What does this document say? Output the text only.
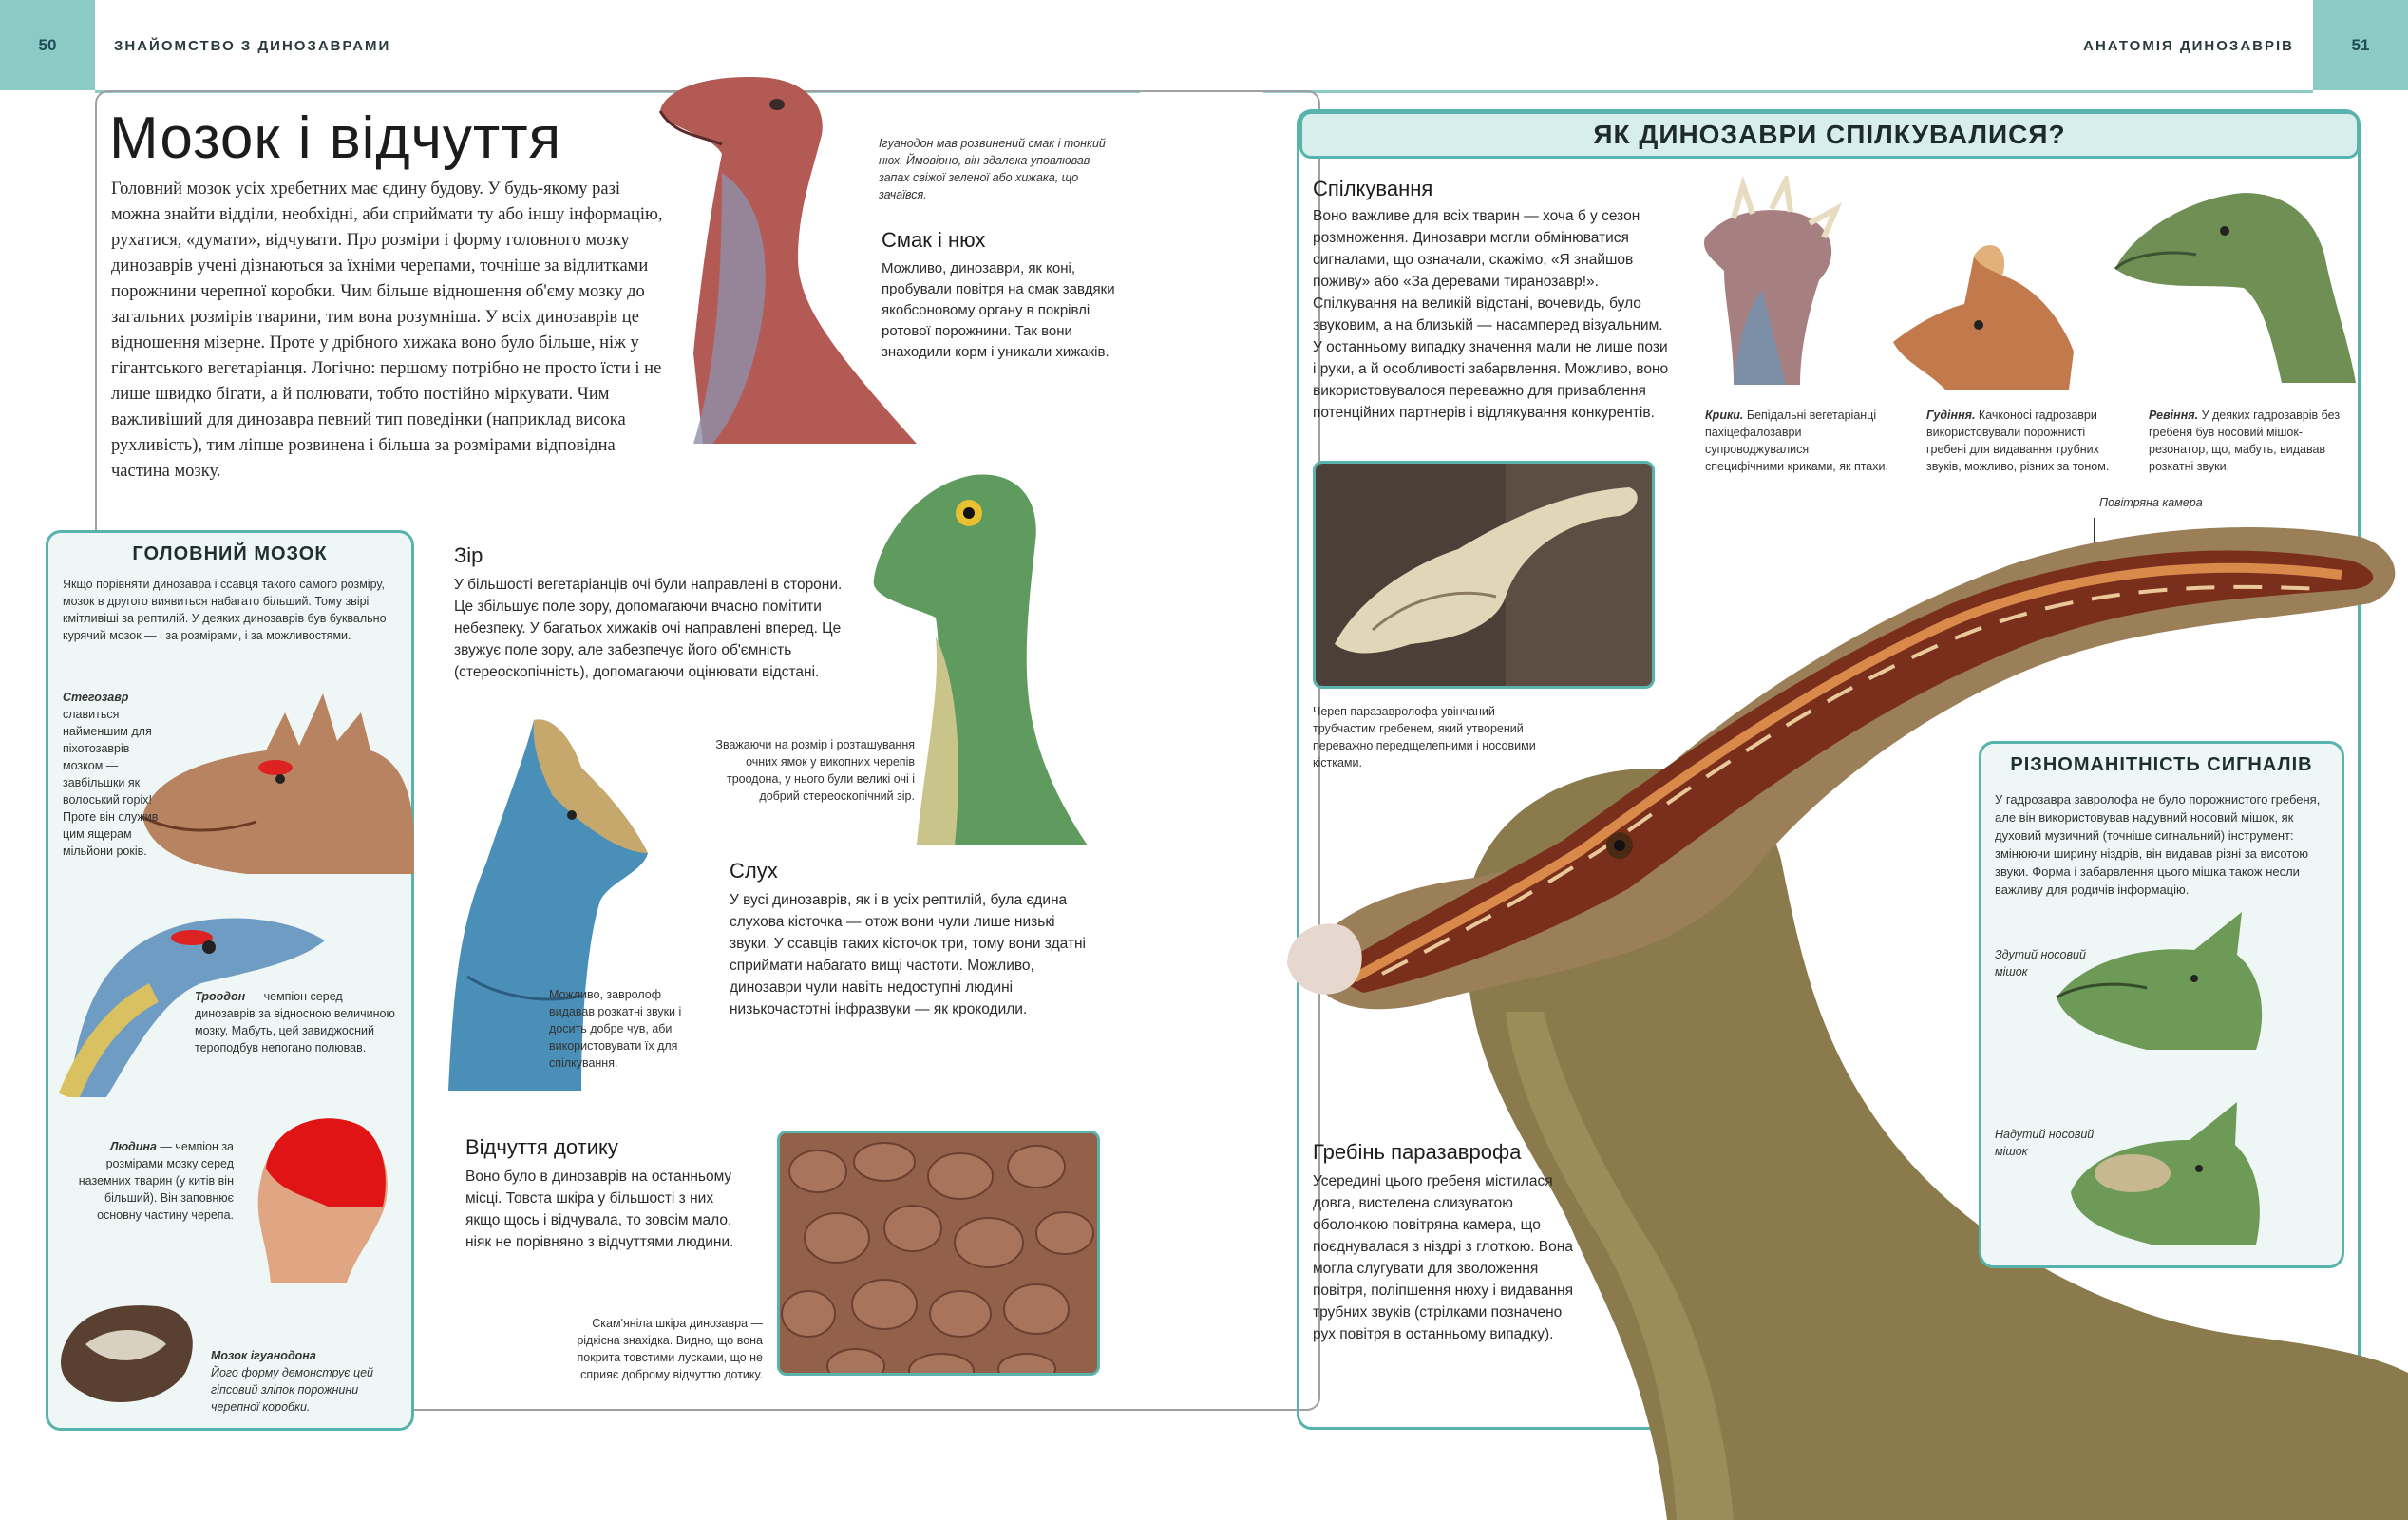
50	ЗНАЙОМСТВО З ДИНОЗАВРАМИ	АНАТОМІЯ ДИНОЗАВРІВ	51
Мозок і відчуття
Головний мозок усіх хребетних має єдину будову. У будь-якому разі можна знайти відділи, необхідні, аби сприймати ту або іншу інформацію, рухатися, «думати», відчувати. Про розміри і форму головного мозку динозаврів учені дізнаються за їхніми черепами, точніше за відлитками порожнини черепної коробки. Чим більше відношення об'єму мозку до загальних розмірів тварини, тим вона розумніша. У всіх динозаврів це відношення мізерне. Проте у дрібного хижака воно було більше, ніж у гігантського вегетаріанця. Логічно: першому потрібно не просто їсти і не лише швидко бігати, а й полювати, тобто постійно міркувати. Чим важливіший для динозавра певний тип поведінки (наприклад висока рухливість), тим ліпше розвинена і більша за розмірами відповідна частина мозку.
Ігуанодон мав розвинений смак і тонкий нюх. Ймовірно, він здалека уповлював запах свіжої зеленої або хижака, що зачаївся.
Смак і нюх
Можливо, динозаври, як коні, пробували повітря на смак завдяки якобсоновому органу в покрівлі ротової порожнини. Так вони знаходили корм і уникали хижаків.
ГОЛОВНИЙ МОЗОК
Якщо порівняти динозавра і ссавця такого самого розміру, мозок в другого виявиться набагато більший. Тому звірі кмітливіші за рептилій. У деяких динозаврів був буквально курячий мозок — і за розмірами, і за можливостями.
Стегозавр славиться найменшим для піхотозаврів мозком — завбільшки як волоський горіх! Проте він служив цим ящерам мільйони років.
Троодон — чемпіон серед динозаврів за відносною величиною мозку. Мабуть, цей завиджосний тероподбув непогано полював.
Людина — чемпіон за розмірами мозку серед наземних тварин (у китів він більший). Він заповнює основну частину черепа.
Мозок ігуанодона
Його форму демонструє цей гіпсовий зліпок порожнини черепної коробки.
Зір
У більшості вегетаріанців очі були направлені в сторони. Це збільшує поле зору, допомагаючи вчасно помітити небезпеку. У багатьох хижаків очі направлені вперед. Це звужує поле зору, але забезпечує його об'ємність (стереоскопічність), допомагаючи оцінювати відстані.
Зважаючи на розмір і розташування очних ямок у викопних черепів троодона, у нього були великі очі і добрий стереоскопічний зір.
Можливо, завролоф видавав розкатні звуки і досить добре чув, аби використовувати їх для спілкування.
Слух
У вусі динозаврів, як і в усіх рептилій, була єдина слухова кісточка — отож вони чули лише низькі звуки. У ссавців таких кісточок три, тому вони здатні сприймати набагато вищі частоти. Можливо, динозаври чули навіть недоступні людині низькочастотні інфразвуки — як крокодили.
Відчуття дотику
Воно було в динозаврів на останньому місці. Товста шкіра у більшості з них якщо щось і відчувала, то зовсім мало, ніяк не порівняно з відчуттями людини.
Скам'яніла шкіра динозавра — рідкісна знахідка. Видно, що вона покрита товстими лусками, що не сприяє доброму відчуттю дотику.
ЯК ДИНОЗАВРИ СПІЛКУВАЛИСЯ?
Спілкування
Воно важливе для всіх тварин — хоча б у сезон розмноження. Динозаври могли обмінюватися сигналами, що означали, скажімо, «Я знайшов поживу» або «За деревами тиранозавр!». Спілкування на великій відстані, вочевидь, було звуковим, а на близькій — насамперед візуальним. У останньому випадку значення мали не лише пози і руки, а й особливості забарвлення. Можливо, воно використовувалося переважно для приваблення потенційних партнерів і відлякування конкурентів.	Крики. Бепідальні вегетаріанці пахіцефалозаври супроводжувалися специфічними криками, як птахи.
Гудіння. Качконосі гадрозаври використовували порожнисті гребені для видавання трубних звуків, можливо, різних за тоном.
Ревіння. У деяких гадрозаврів без гребеня був носовий мішок-резонатор, що, мабуть, видавав розкатні звуки.
Череп паразавролофа увінчаний трубчастим гребенем, який утворений переважно передщелепними і носовими кістками.
Повітряна камера
Гребінь паразаврофа
Усередині цього гребеня містилася довга, вистелена слизуватою оболонкою повітряна камера, що поєднувалася з ніздрі з глоткою. Вона могла слугувати для зволоження повітря, поліпшення нюху і видавання трубних звуків (стрілками позначено рух повітря в останньому випадку).
РІЗНОМАНІТНІСТЬ СИГНАЛІВ
У гадрозавра завролофа не було порожнистого гребеня, але він використовував надувний носовий мішок, як духовий музичний (точніше сигнальний) інструмент: змінюючи ширину ніздрів, він видавав різні за висотою звуки. Форма і забарвлення цього мішка також несли важливу для родичів інформацію.
Здутий носовий мішок
Надутий носовий мішок
